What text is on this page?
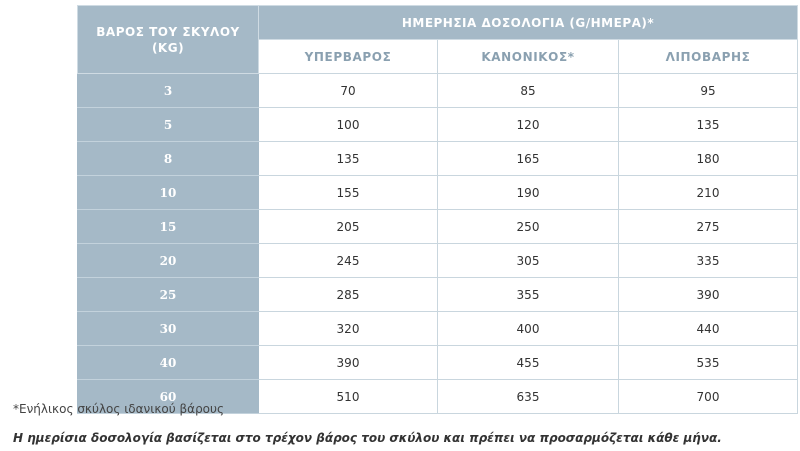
ΒΑΡΟΣ ΤΟΥ ΣΚΥΛΟΥ (KG)	ΗΜΕΡΗΣΙΑ ΔΟΣΟΛΟΓΙΑ (G/ΗΜΕΡΑ)*		
	ΥΠΕΡΒΑΡΟΣ	ΚΑΝΟΝΙΚΟΣ*	ΛΙΠΟΒΑΡΗΣ
3	70	85	95
5	100	120	135
8	135	165	180
10	155	190	210
15	205	250	275
20	245	305	335
25	285	355	390
30	320	400	440
40	390	455	535
60	510	635	700

*Ενήλικος σκύλος ιδανικού βάρους

Η ημερίσια δοσολογία βασίζεται στο τρέχον βάρος του σκύλου και πρέπει να προσαρμόζεται κάθε μήνα.
